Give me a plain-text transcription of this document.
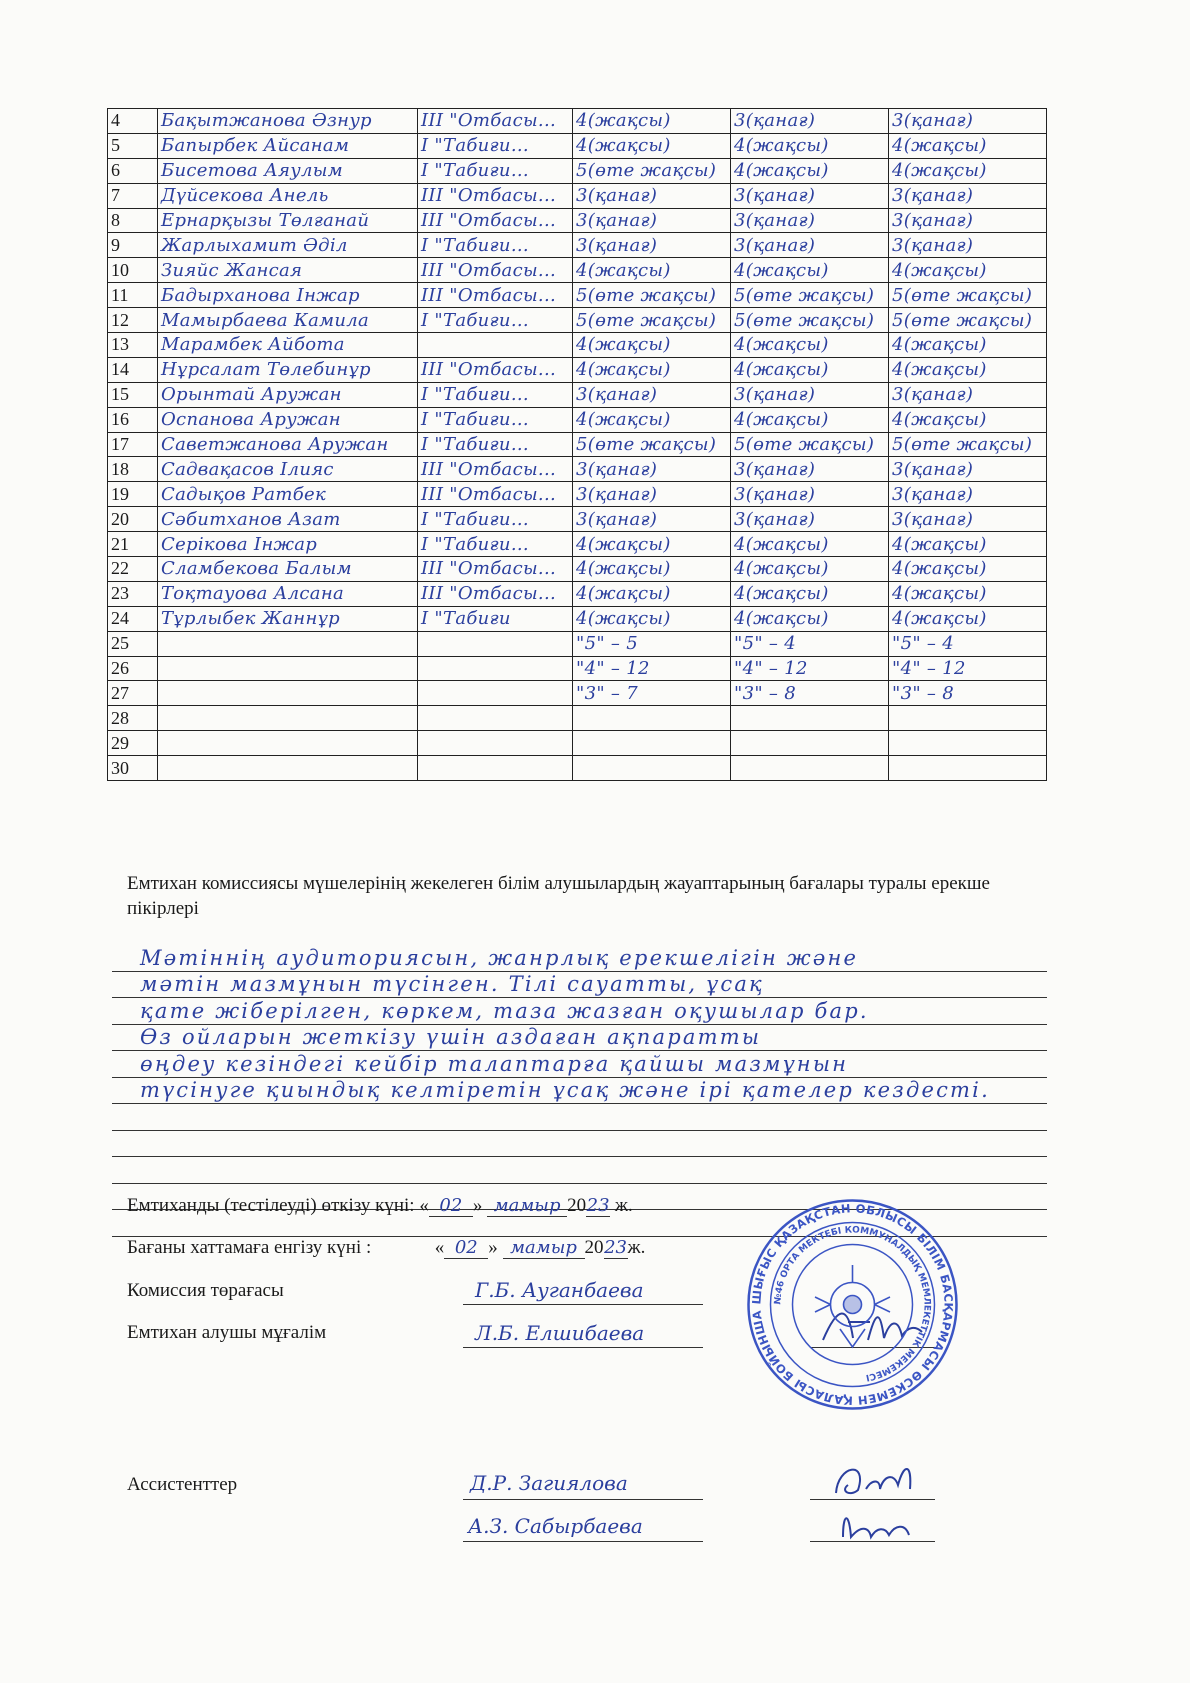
4	Бақытжанова Әзнур	ІІІ "Отбасы...	4(жақсы)	3(қанағ)	3(қанағ)
5	Бапырбек Айсанам	І "Табиғи...	4(жақсы)	4(жақсы)	4(жақсы)
6	Бисетова Аяулым	І "Табиғи...	5(өте жақсы)	4(жақсы)	4(жақсы)
7	Дүйсекова Анель	ІІІ "Отбасы...	3(қанағ)	3(қанағ)	3(қанағ)
8	Ернарқызы Төлғанай	ІІІ "Отбасы...	3(қанағ)	3(қанағ)	3(қанағ)
9	Жарлыхамит Әділ	І "Табиғи...	3(қанағ)	3(қанағ)	3(қанағ)
10	Зияйс Жансая	ІІІ "Отбасы...	4(жақсы)	4(жақсы)	4(жақсы)
11	Бадырханова Інжар	ІІІ "Отбасы...	5(өте жақсы)	5(өте жақсы)	5(өте жақсы)
12	Мамырбаева Камила	І "Табиғи...	5(өте жақсы)	5(өте жақсы)	5(өте жақсы)
13	Марамбек Айбота		4(жақсы)	4(жақсы)	4(жақсы)
14	Нұрсалат Төлебинұр	ІІІ "Отбасы...	4(жақсы)	4(жақсы)	4(жақсы)
15	Орынтай Аружан	І "Табиғи...	3(қанағ)	3(қанағ)	3(қанағ)
16	Оспанова Аружан	І "Табиғи...	4(жақсы)	4(жақсы)	4(жақсы)
17	Саветжанова Аружан	І "Табиғи...	5(өте жақсы)	5(өте жақсы)	5(өте жақсы)
18	Садвақасов Ілияс	ІІІ "Отбасы...	3(қанағ)	3(қанағ)	3(қанағ)
19	Садықов Ратбек	ІІІ "Отбасы...	3(қанағ)	3(қанағ)	3(қанағ)
20	Сәбитханов Азат	І "Табиғи...	3(қанағ)	3(қанағ)	3(қанағ)
21	Серікова Інжар	І "Табиғи...	4(жақсы)	4(жақсы)	4(жақсы)
22	Сламбекова Балым	ІІІ "Отбасы...	4(жақсы)	4(жақсы)	4(жақсы)
23	Тоқтауова Алсана	ІІІ "Отбасы...	4(жақсы)	4(жақсы)	4(жақсы)
24	Тұрлыбек Жаннұр	І "Табиғи	4(жақсы)	4(жақсы)	4(жақсы)
25			"5" – 5	"5" – 4	"5" – 4
26			"4" – 12	"4" – 12	"4" – 12
27			"3" – 7	"3" – 8	"3" – 8
28					
29					
30					
Емтихан комиссиясы мүшелерінің жекелеген білім алушылардың жауаптарының бағалары туралы ерекше пікірлері
Мәтіннің аудиториясын, жанрлық ерекшелігін және
мәтін мазмұнын түсінген. Тілі сауатты, ұсақ
қате жіберілген, көркем, таза жазған оқушылар бар.
Өз ойларын жеткізу үшін аздаған ақпаратты
өңдеу кезіндегі кейбір талаптарға қайшы мазмұнын
түсінуге қиындық келтіретін ұсақ және ірі қателер кездесті.
Емтиханды (тестілеуді) өткізу күні: « 02 » мамыр 2023 ж.
Бағаны хаттамаға енгізу күні :	« 02 » мамыр 2023ж.
Комиссия төрағасы	Г.Б. Ауганбаева
Емтихан алушы мұғалім	Л.Б. Елшибаева
Ассистенттер	Д.Р. Загиялова
А.З. Сабырбаева
ШЫҒЫС ҚАЗАҚСТАН ОБЛЫСЫ БІЛІМ БАСҚАРМАСЫ ӨСКЕМЕН ҚАЛАСЫ БОЙЫНША
№46 ОРТА МЕКТЕБІ КОММУНАЛДЫҚ МЕМЛЕКЕТТІК МЕКЕМЕСІ
